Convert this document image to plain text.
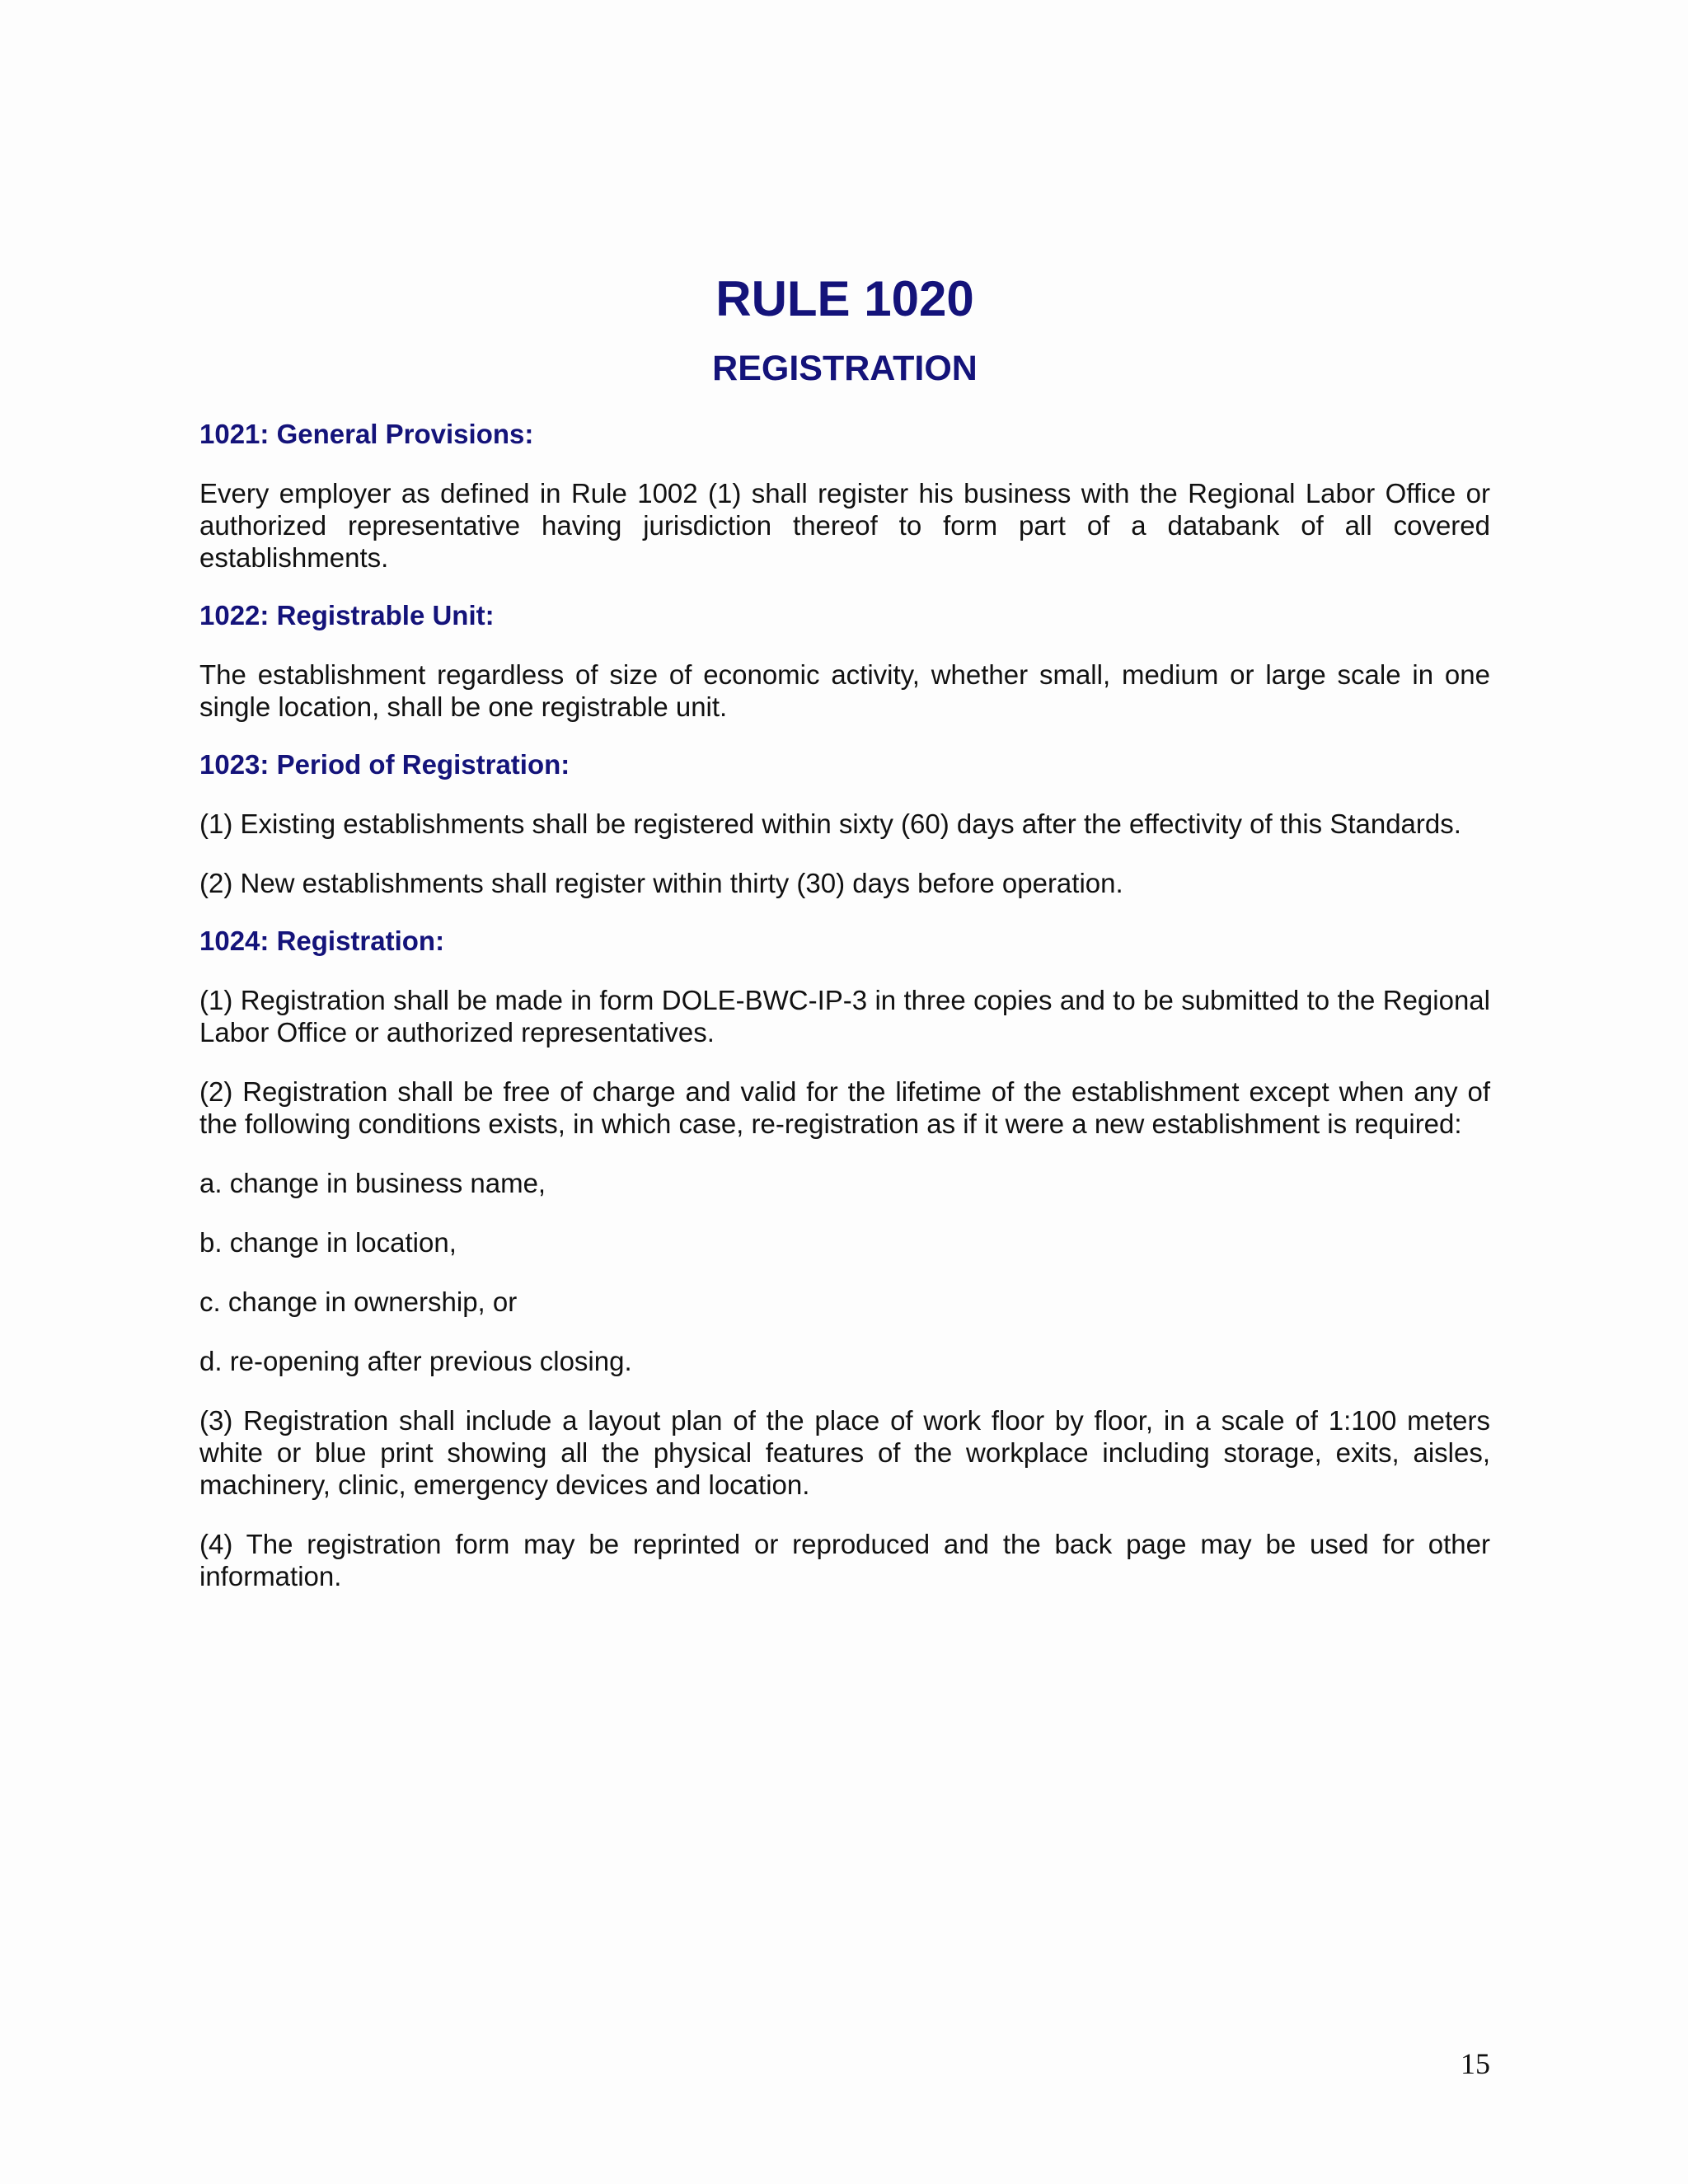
RULE 1020
REGISTRATION
1021: General Provisions:

Every employer as defined in Rule 1002 (1) shall register his business with the Regional Labor Office or authorized representative having jurisdiction thereof to form part of a databank of all covered establishments.

1022: Registrable Unit:

The establishment regardless of size of economic activity, whether small, medium or large scale in one single location, shall be one registrable unit.

1023: Period of Registration:

(1) Existing establishments shall be registered within sixty (60) days after the effectivity of this Standards.

(2) New establishments shall register within thirty (30) days before operation.

1024: Registration:

(1) Registration shall be made in form DOLE-BWC-IP-3 in three copies and to be submitted to the Regional Labor Office or authorized representatives.

(2) Registration shall be free of charge and valid for the lifetime of the establishment except when any of the following conditions exists, in which case, re-registration as if it were a new establishment is required:

a. change in business name,

b. change in location,

c. change in ownership, or

d. re-opening after previous closing.

(3) Registration shall include a layout plan of the place of work floor by floor, in a scale of 1:100 meters white or blue print showing all the physical features of the workplace including storage, exits, aisles, machinery, clinic, emergency devices and location.

(4) The registration form may be reprinted or reproduced and the back page may be used for other information.

15
